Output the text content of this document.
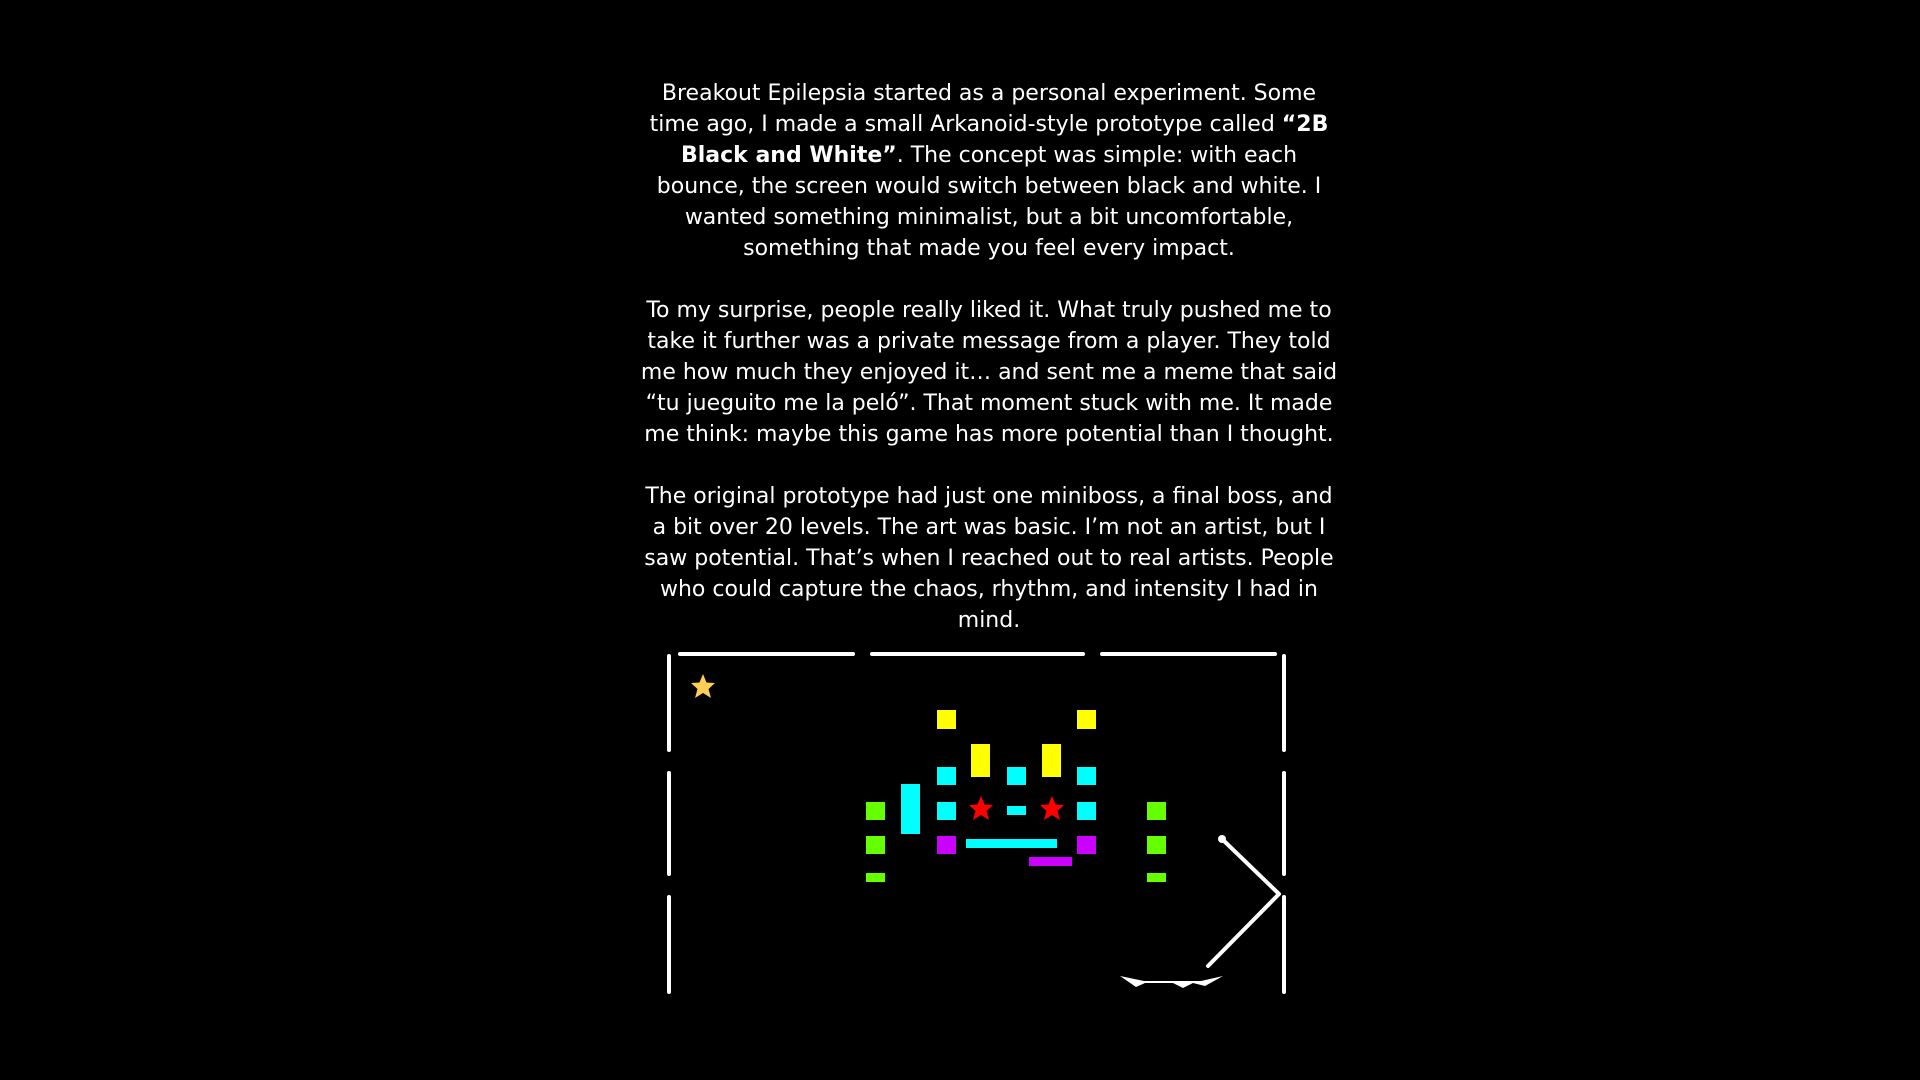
Breakout Epilepsia started as a personal experiment. Some time ago, I made a small Arkanoid-style prototype called “2B Black and White”. The concept was simple: with each bounce, the screen would switch between black and white. I wanted something minimalist, but a bit uncomfortable, something that made you feel every impact.

To my surprise, people really liked it. What truly pushed me to take it further was a private message from a player. They told me how much they enjoyed it… and sent me a meme that said “tu jueguito me la peló”. That moment stuck with me. It made me think: maybe this game has more potential than I thought.

The original prototype had just one miniboss, a final boss, and a bit over 20 levels. The art was basic. I’m not an artist, but I saw potential. That’s when I reached out to real artists. People who could capture the chaos, rhythm, and intensity I had in mind.
